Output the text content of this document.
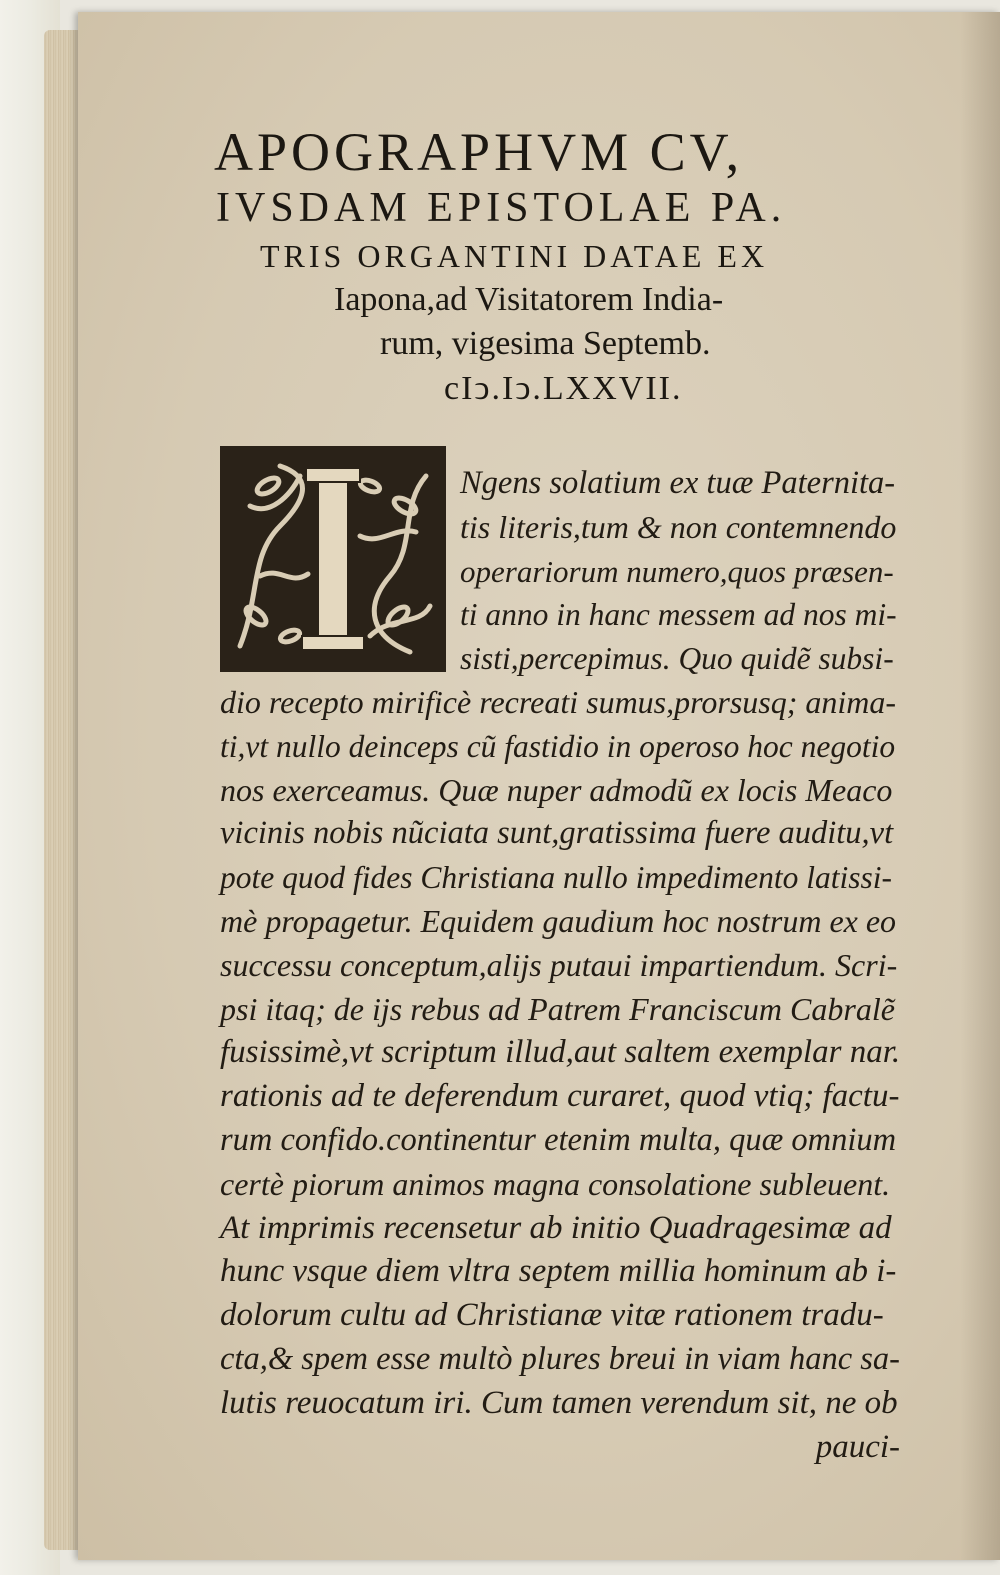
APOGRAPHVM CV,
IVSDAM EPISTOLAE PA.
TRIS ORGANTINI DATAE EX
Iapona,ad Visitatorem India-
rum, vigesima Septemb.
cIↄ.Iↄ.LXXVII.
Ngens solatium ex tuæ Paternita-
tis literis,tum & non contemnendo
operariorum numero,quos præsen-
ti anno in hanc messem ad nos mi-
sisti,percepimus. Quo quidẽ subsi-
dio recepto mirificè recreati sumus,prorsusq; anima-
ti,vt nullo deinceps cũ fastidio in operoso hoc negotio
nos exerceamus. Quæ nuper admodũ ex locis Meaco
vicinis nobis nũciata sunt,gratissima fuere auditu,vt
pote quod fides Christiana nullo impedimento latissi-
mè propagetur. Equidem gaudium hoc nostrum ex eo
successu conceptum,alijs putaui impartiendum. Scri-
psi itaq; de ijs rebus ad Patrem Franciscum Cabralẽ
fusissimè,vt scriptum illud,aut saltem exemplar nar.
rationis ad te deferendum curaret, quod vtiq; factu-
rum confido.continentur etenim multa, quæ omnium
certè piorum animos magna consolatione subleuent.
At imprimis recensetur ab initio Quadragesimæ ad
hunc vsque diem vltra septem millia hominum ab i-
dolorum cultu ad Christianæ vitæ rationem tradu-
cta,& spem esse multò plures breui in viam hanc sa-
lutis reuocatum iri. Cum tamen verendum sit, ne ob
pauci-
